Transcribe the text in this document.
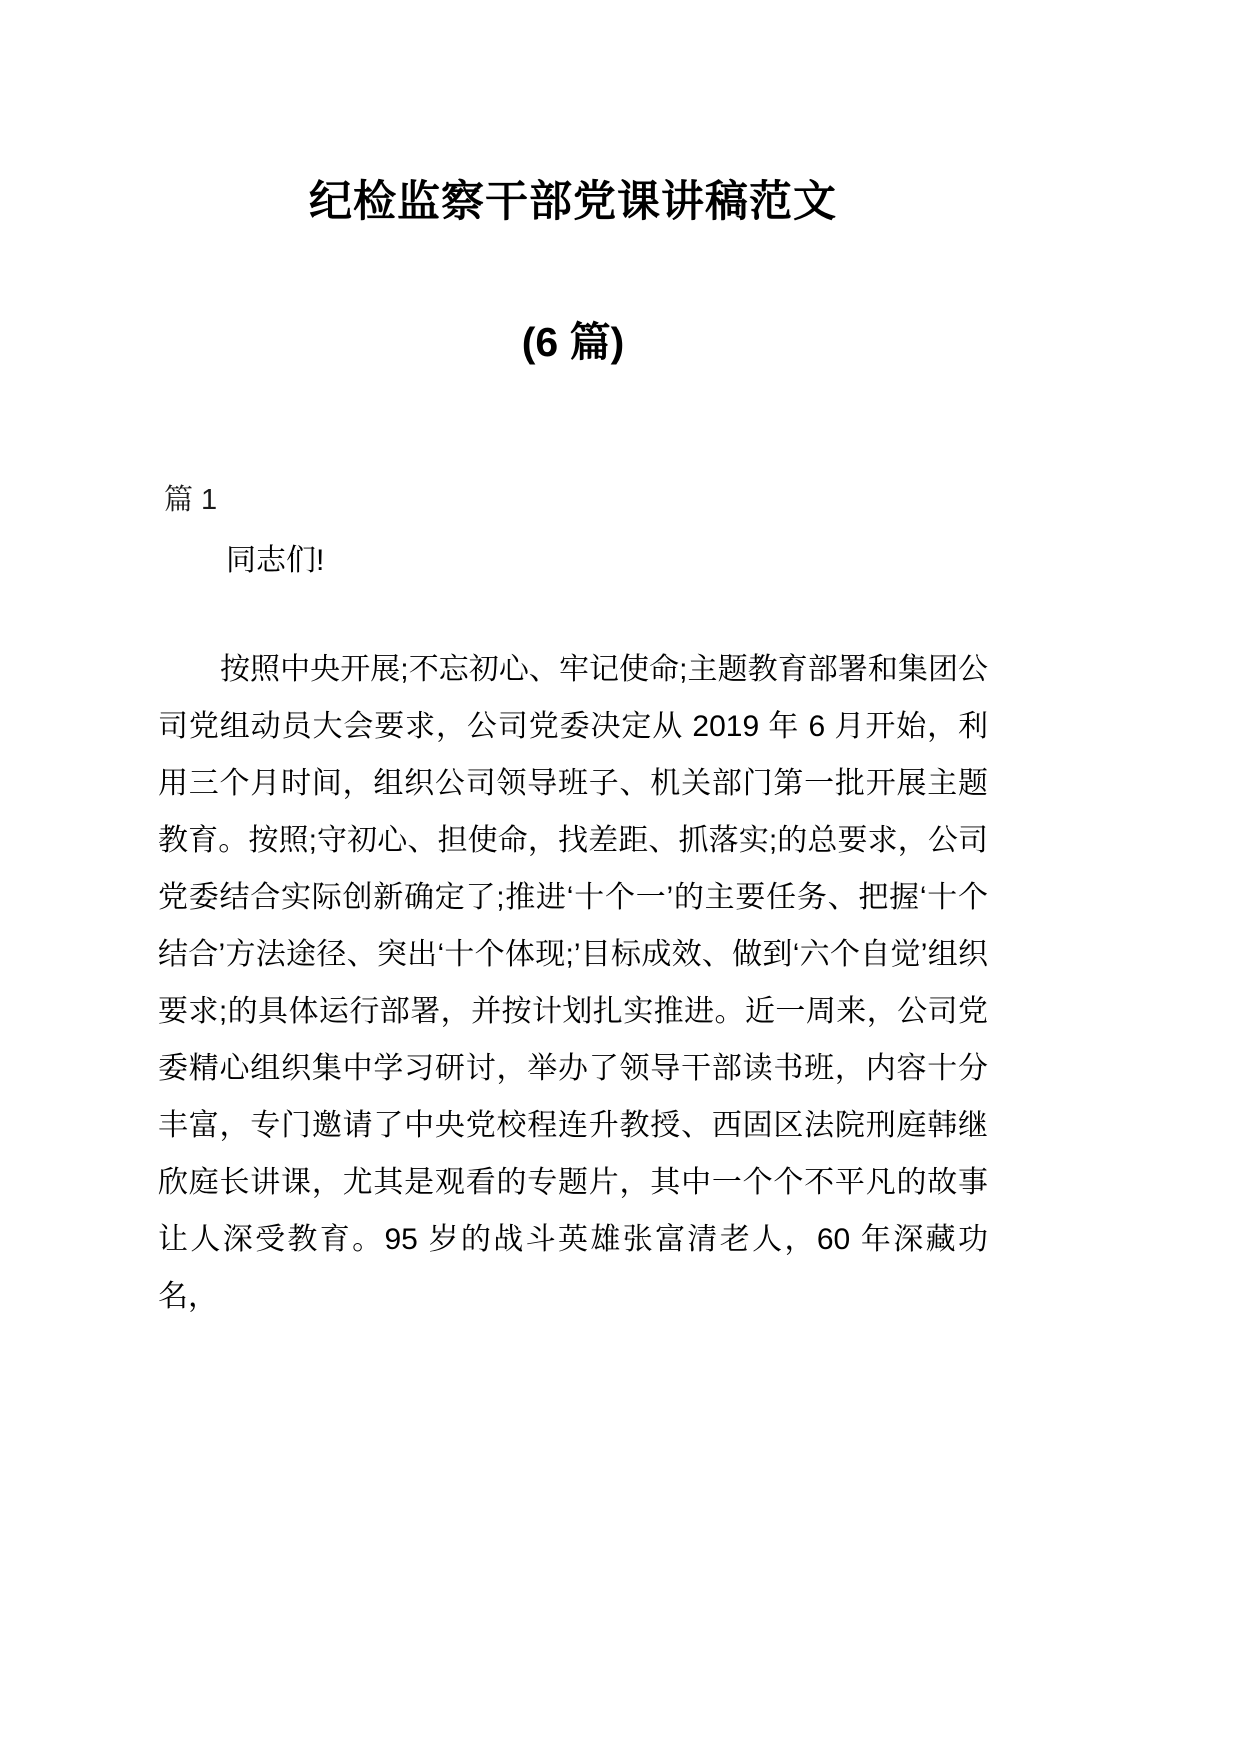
纪检监察干部党课讲稿范文
(6 篇)

篇 1

同志们!

按照中央开展;不忘初心、牢记使命;主题教育部署和集团公司党组动员大会要求，公司党委决定从 2019 年 6 月开始，利用三个月时间，组织公司领导班子、机关部门第一批开展主题教育。按照;守初心、担使命，找差距、抓落实;的总要求，公司党委结合实际创新确定了;推进‘十个一’的主要任务、把握‘十个结合’方法途径、突出‘十个体现;’目标成效、做到‘六个自觉’组织要求;的具体运行部署，并按计划扎实推进。近一周来，公司党委精心组织集中学习研讨，举办了领导干部读书班，内容十分丰富，专门邀请了中央党校程连升教授、西固区法院刑庭韩继欣庭长讲课，尤其是观看的专题片，其中一个个不平凡的故事让人深受教育。95 岁的战斗英雄张富清老人，60 年深藏功名，
